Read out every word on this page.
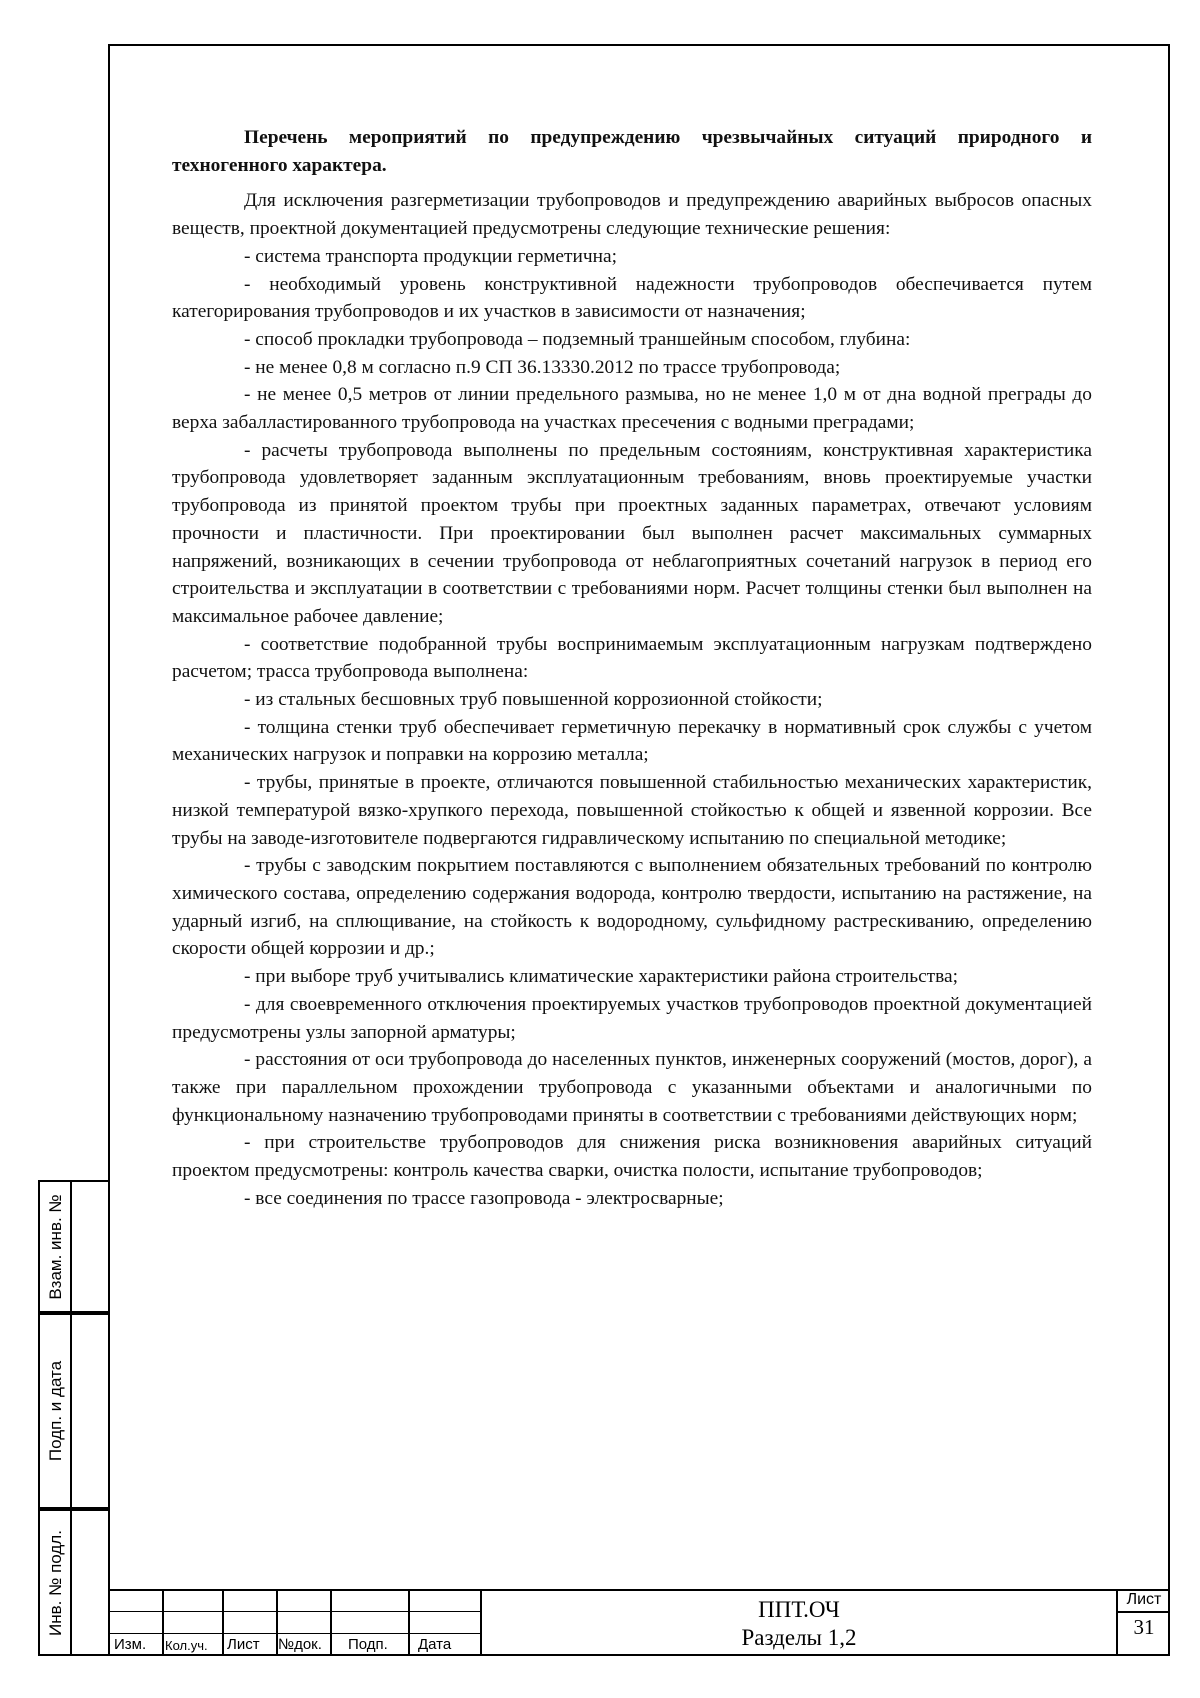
Перечень мероприятий по предупреждению чрезвычайных ситуаций природного и техногенного характера.

Для исключения разгерметизации трубопроводов и предупреждению аварийных выбросов опасных веществ, проектной документацией предусмотрены следующие технические решения:

- система транспорта продукции герметична;

- необходимый уровень конструктивной надежности трубопроводов обеспечивается путем категорирования трубопроводов и их участков в зависимости от назначения;

- способ прокладки трубопровода – подземный траншейным способом, глубина:

- не менее 0,8 м согласно п.9 СП 36.13330.2012 по трассе трубопровода;

- не менее 0,5 метров от линии предельного размыва, но не менее 1,0 м от дна водной преграды до верха забалластированного трубопровода на участках пресечения с водными преградами;

- расчеты трубопровода выполнены по предельным состояниям, конструктивная характеристика трубопровода удовлетворяет заданным эксплуатационным требованиям, вновь проектируемые участки трубопровода из принятой проектом трубы при проектных заданных параметрах, отвечают условиям прочности и пластичности. При проектировании был выполнен расчет максимальных суммарных напряжений, возникающих в сечении трубопровода от неблагоприятных сочетаний нагрузок в период его строительства и эксплуатации в соответствии с требованиями норм. Расчет толщины стенки был выполнен на максимальное рабочее давление;

- соответствие подобранной трубы воспринимаемым эксплуатационным нагрузкам подтверждено расчетом; трасса трубопровода выполнена:

- из стальных бесшовных труб повышенной коррозионной стойкости;

- толщина стенки труб обеспечивает герметичную перекачку в нормативный срок службы с учетом механических нагрузок и поправки на коррозию металла;

- трубы, принятые в проекте, отличаются повышенной стабильностью механических характеристик, низкой температурой вязко-хрупкого перехода, повышенной стойкостью к общей и язвенной коррозии. Все трубы на заводе-изготовителе подвергаются гидравлическому испытанию по специальной методике;

- трубы с заводским покрытием поставляются с выполнением обязательных требований по контролю химического состава, определению содержания водорода, контролю твердости, испытанию на растяжение, на ударный изгиб, на сплющивание, на стойкость к водородному, сульфидному растрескиванию, определению скорости общей коррозии и др.;

- при выборе труб учитывались климатические характеристики района строительства;

- для своевременного отключения проектируемых участков трубопроводов проектной документацией предусмотрены узлы запорной арматуры;

- расстояния от оси трубопровода до населенных пунктов, инженерных сооружений (мостов, дорог), а также при параллельном прохождении трубопровода с указанными объектами и аналогичными по функциональному назначению трубопроводами приняты в соответствии с требованиями действующих норм;

- при строительстве трубопроводов для снижения риска возникновения аварийных ситуаций проектом предусмотрены: контроль качества сварки, очистка полости, испытание трубопроводов;

- все соединения по трассе газопровода - электросварные;

Взам. инв. №
Подп. и дата
Инв. № подл.
Изм. Кол.уч. Лист №док. Подп. Дата
ППТ.ОЧ
Разделы 1,2
Лист
31
